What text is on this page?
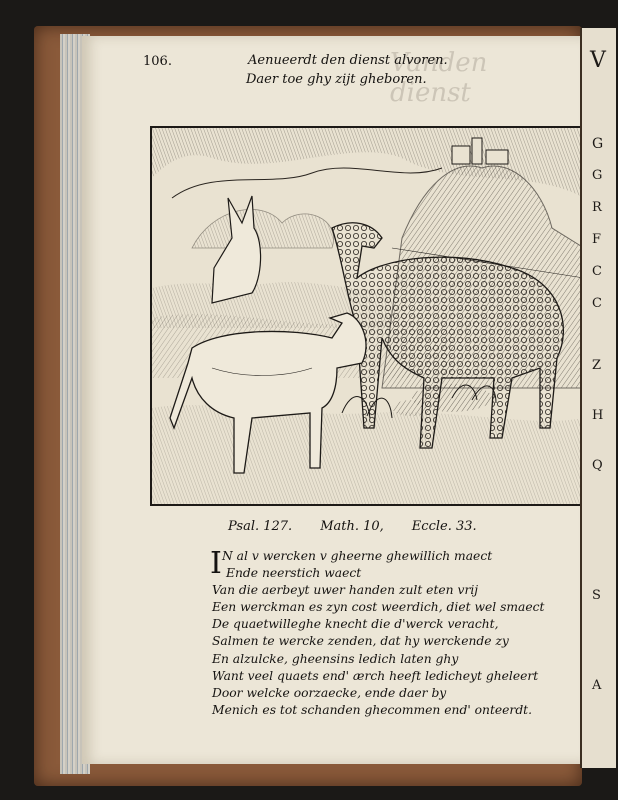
Vanden dienst
106.	Aenueerdt den dienst alvoren.
Daer toe ghy zijt gheboren.
Psal. 127. Math. 10, Eccle. 33.
I N al v wercken v gheerne ghewillich maect
Ende neerstich waect
Van die aerbeyt uwer handen zult eten vrij
Een werckman es zyn cost weerdich, diet wel smaect
De quaetwilleghe knecht die d'werck veracht,
Salmen te wercke zenden, dat hy werckende zy
En alzulcke, gheensins ledich laten ghy
Want veel quaets end' ærch heeft ledicheyt gheleert
Door welcke oorzaecke, ende daer by
Menich es tot schanden ghecommen end' onteerdt.
V
G
G
R
F
C
C
Z
H
Q
S
A
